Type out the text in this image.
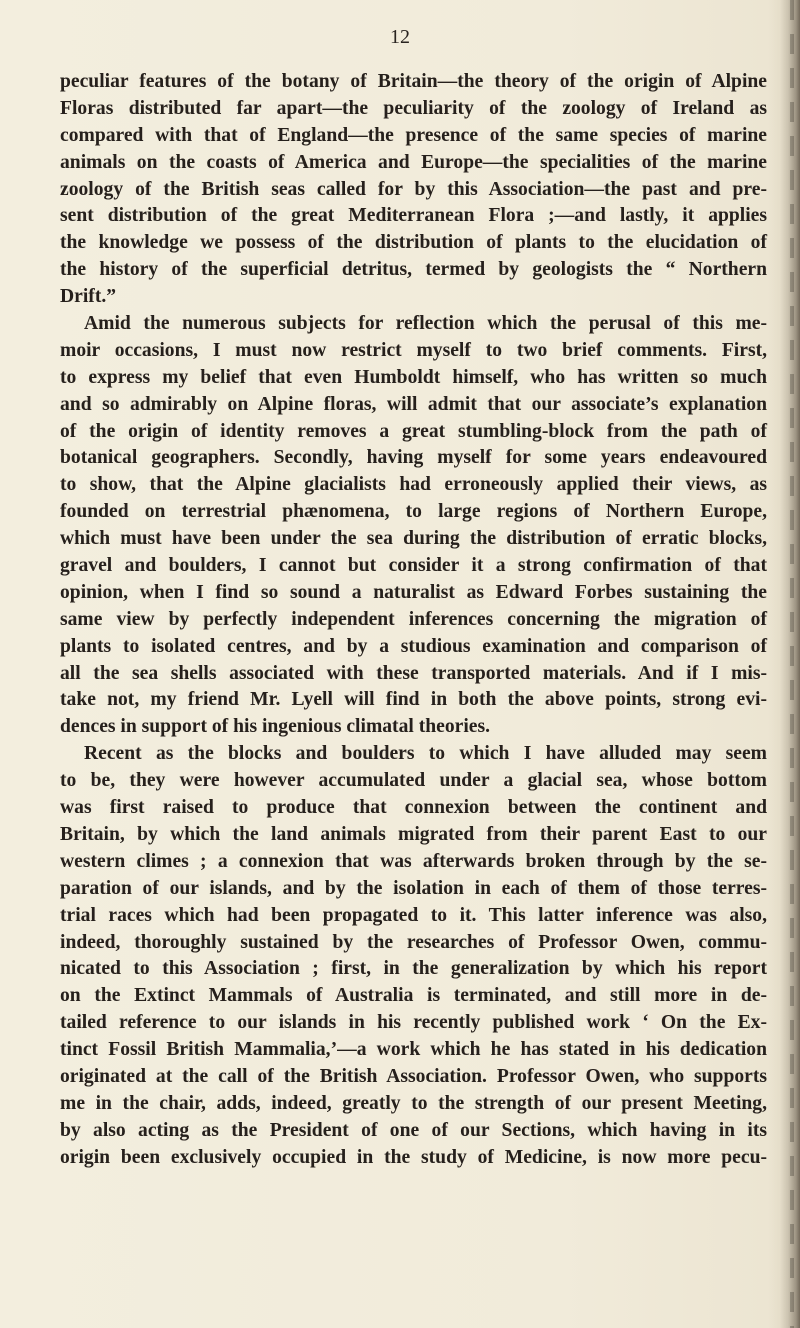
12
peculiar features of the botany of Britain—the theory of the origin of Alpine
Floras distributed far apart—the peculiarity of the zoology of Ireland as
compared with that of England—the presence of the same species of marine
animals on the coasts of America and Europe—the specialities of the marine
zoology of the British seas called for by this Association—the past and pre-
sent distribution of the great Mediterranean Flora ;—and lastly, it applies
the knowledge we possess of the distribution of plants to the elucidation of
the history of the superficial detritus, termed by geologists the “ Northern
Drift.”
Amid the numerous subjects for reflection which the perusal of this me-
moir occasions, I must now restrict myself to two brief comments. First,
to express my belief that even Humboldt himself, who has written so much
and so admirably on Alpine floras, will admit that our associate’s explanation
of the origin of identity removes a great stumbling-block from the path of
botanical geographers. Secondly, having myself for some years endeavoured
to show, that the Alpine glacialists had erroneously applied their views, as
founded on terrestrial phænomena, to large regions of Northern Europe,
which must have been under the sea during the distribution of erratic blocks,
gravel and boulders, I cannot but consider it a strong confirmation of that
opinion, when I find so sound a naturalist as Edward Forbes sustaining the
same view by perfectly independent inferences concerning the migration of
plants to isolated centres, and by a studious examination and comparison of
all the sea shells associated with these transported materials. And if I mis-
take not, my friend Mr. Lyell will find in both the above points, strong evi-
dences in support of his ingenious climatal theories.
Recent as the blocks and boulders to which I have alluded may seem
to be, they were however accumulated under a glacial sea, whose bottom
was first raised to produce that connexion between the continent and
Britain, by which the land animals migrated from their parent East to our
western climes ; a connexion that was afterwards broken through by the se-
paration of our islands, and by the isolation in each of them of those terres-
trial races which had been propagated to it. This latter inference was also,
indeed, thoroughly sustained by the researches of Professor Owen, commu-
nicated to this Association ; first, in the generalization by which his report
on the Extinct Mammals of Australia is terminated, and still more in de-
tailed reference to our islands in his recently published work ‘ On the Ex-
tinct Fossil British Mammalia,’—a work which he has stated in his dedication
originated at the call of the British Association. Professor Owen, who supports
me in the chair, adds, indeed, greatly to the strength of our present Meeting,
by also acting as the President of one of our Sections, which having in its
origin been exclusively occupied in the study of Medicine, is now more pecu-
